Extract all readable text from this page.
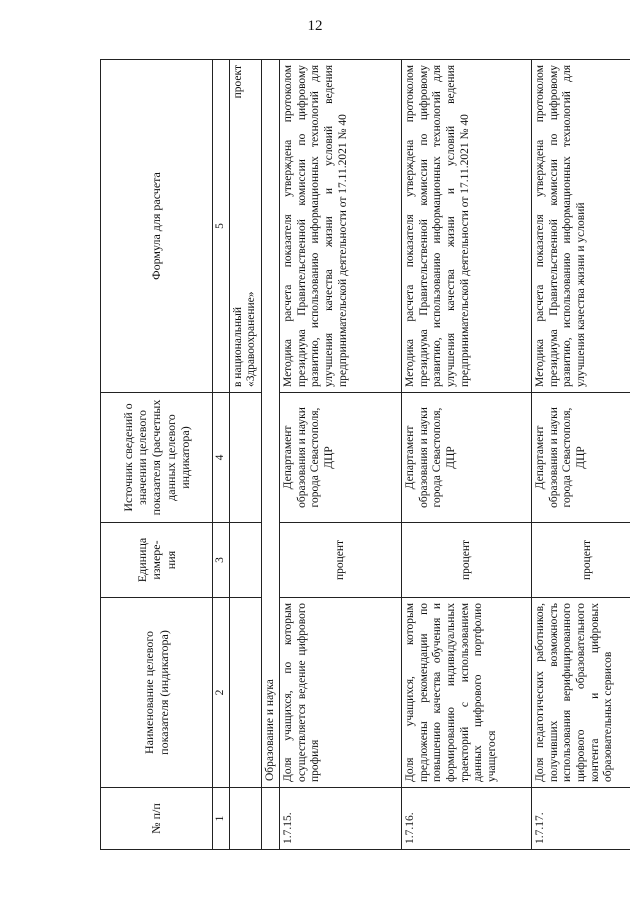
12
№ п/п	Наименование целевого показателя (индикатора)	Единица измере-
ния	Источник сведений о значении целевого показателя (расчетных данных целевого индикатора)	Формула для расчета
1	2	3	4	5

				в национальный
проект
«Здравоохранение»

	Образование и наука			
1.7.15.	Доля учащихся, по которым осуществляется ведение цифрового профиля	процент	Департамент образования и науки города Севастополя, ДЦР	Методика расчета показателя утверждена протоколом президиума Правительственной комиссии по цифровому развитию, использованию информационных технологий для улучшения качества жизни и условий ведения предпринимательской деятельности от 17.11.2021 № 40
1.7.16.	Доля учащихся, которым предложены рекомендации по повышению качества обучения и формированию индивидуальных траекторий с использованием данных цифрового портфолио учащегося	процент	Департамент образования и науки города Севастополя, ДЦР	Методика расчета показателя утверждена протоколом президиума Правительственной комиссии по цифровому развитию, использованию информационных технологий для улучшения качества жизни и условий ведения предпринимательской деятельности от 17.11.2021 № 40
1.7.17.	Доля педагогических работников, получивших возможность использования верифицированного цифрового образовательного контента и цифровых образовательных сервисов	процент	Департамент образования и науки города Севастополя, ДЦР	Методика расчета показателя утверждена протоколом президиума Правительственной комиссии по цифровому развитию, использованию информационных технологий для улучшения качества жизни и условий
